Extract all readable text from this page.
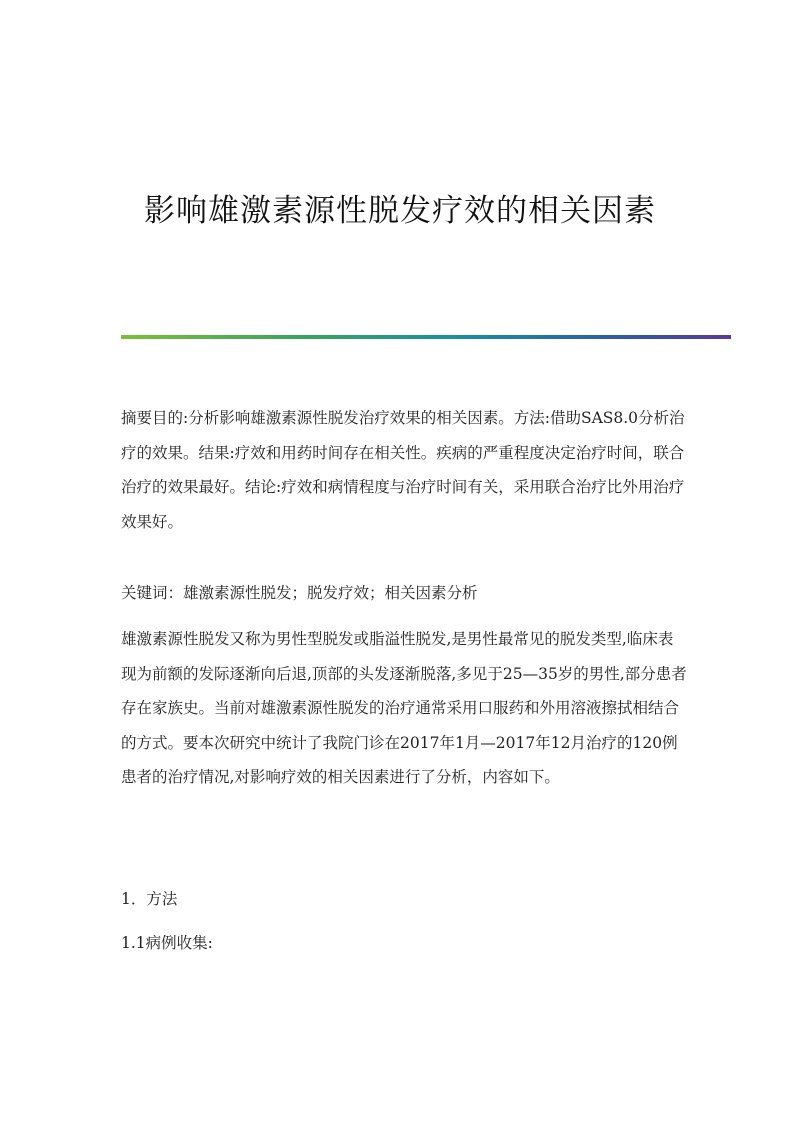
影响雄激素源性脱发疗效的相关因素

摘要目的:分析影响雄激素源性脱发治疗效果的相关因素。方法:借助SAS8.0分析治疗的效果。结果:疗效和用药时间存在相关性。疾病的严重程度决定治疗时间，联合治疗的效果最好。结论:疗效和病情程度与治疗时间有关，采用联合治疗比外用治疗效果好。

关键词：雄激素源性脱发；脱发疗效；相关因素分析

雄激素源性脱发又称为男性型脱发或脂溢性脱发,是男性最常见的脱发类型,临床表现为前额的发际逐渐向后退,顶部的头发逐渐脱落,多见于25—35岁的男性,部分患者存在家族史。当前对雄激素源性脱发的治疗通常采用口服药和外用溶液擦拭相结合的方式。要本次研究中统计了我院门诊在2017年1月—2017年12月治疗的120例患者的治疗情况,对影响疗效的相关因素进行了分析，内容如下。

1．方法

1.1病例收集:
